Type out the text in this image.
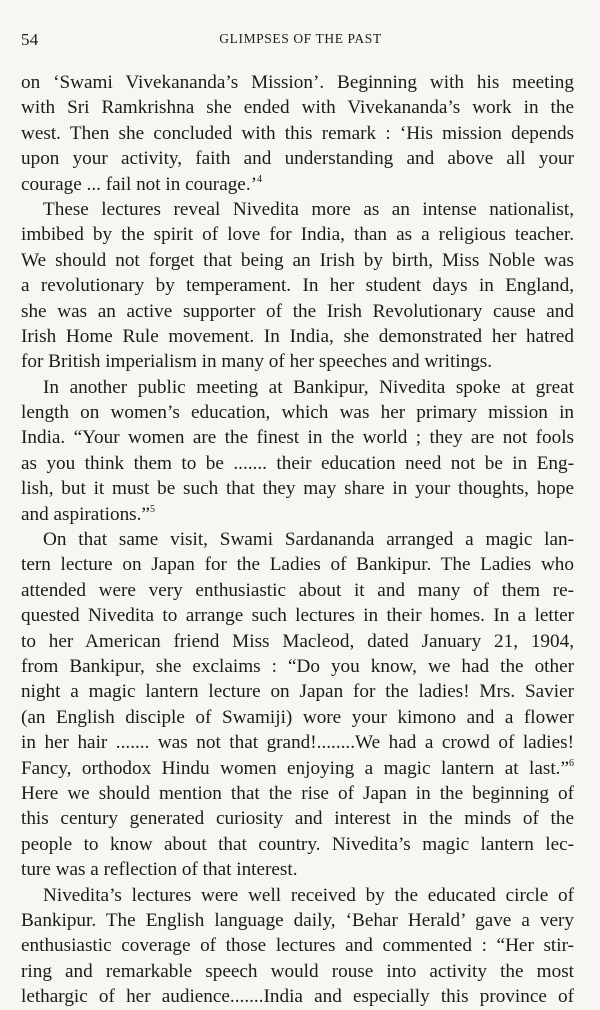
54	GLIMPSES OF THE PAST
on ‘Swami Vivekananda’s Mission’. Beginning with his meeting
with Sri Ramkrishna she ended with Vivekananda’s work in the
west. Then she concluded with this remark : ‘His mission depends
upon your activity, faith and understanding and above all your
courage ... fail not in courage.’$^4$
These lectures reveal Nivedita more as an intense nationalist,
imbibed by the spirit of love for India, than as a religious teacher.
We should not forget that being an Irish by birth, Miss Noble was
a revolutionary by temperament. In her student days in England,
she was an active supporter of the Irish Revolutionary cause and
Irish Home Rule movement. In India, she demonstrated her hatred
for British imperialism in many of her speeches and writings.
In another public meeting at Bankipur, Nivedita spoke at great
length on women’s education, which was her primary mission in
India. “Your women are the finest in the world ; they are not fools
as you think them to be ....... their education need not be in Eng-
lish, but it must be such that they may share in your thoughts, hope
and aspirations.”$^5$
On that same visit, Swami Sardananda arranged a magic lan-
tern lecture on Japan for the Ladies of Bankipur. The Ladies who
attended were very enthusiastic about it and many of them re-
quested Nivedita to arrange such lectures in their homes. In a letter
to her American friend Miss Macleod, dated January 21, 1904,
from Bankipur, she exclaims : “Do you know, we had the other
night a magic lantern lecture on Japan for the ladies! Mrs. Savier
(an English disciple of Swamiji) wore your kimono and a flower
in her hair ....... was not that grand!........We had a crowd of ladies!
Fancy, orthodox Hindu women enjoying a magic lantern at last.”$^6$
Here we should mention that the rise of Japan in the beginning of
this century generated curiosity and interest in the minds of the
people to know about that country. Nivedita’s magic lantern lec-
ture was a reflection of that interest.
Nivedita’s lectures were well received by the educated circle of
Bankipur. The English language daily, ‘Behar Herald’ gave a very
enthusiastic coverage of those lectures and commented : “Her stir-
ring and remarkable speech would rouse into activity the most
lethargic of her audience.......India and especially this province of
